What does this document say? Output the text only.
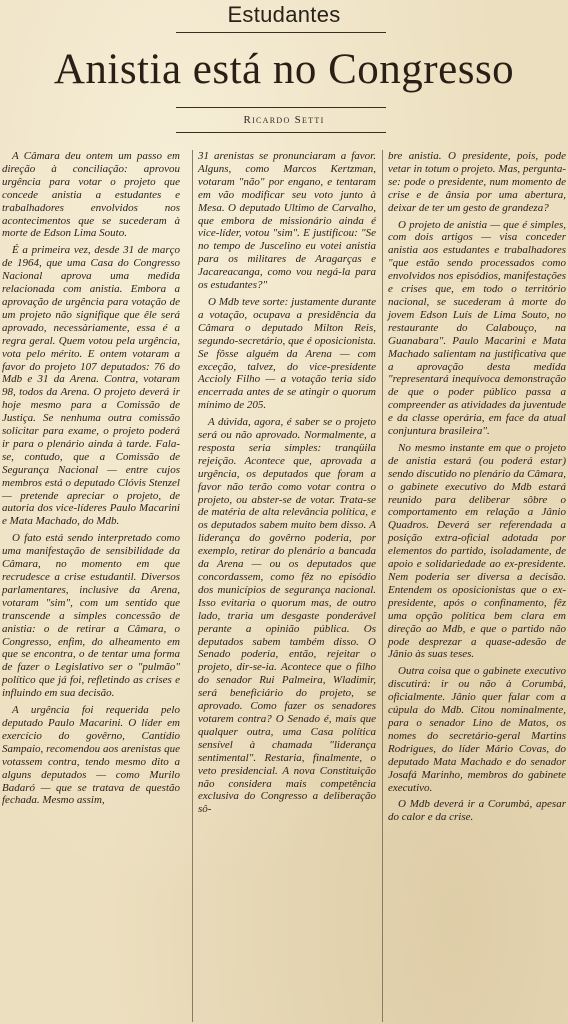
Estudantes
Anistia está no Congresso
Ricardo Setti

A Câmara deu ontem um passo em direção à conciliação: aprovou urgência para votar o projeto que concede anistia a estudantes e trabalhadores envolvidos nos acontecimentos que se sucederam à morte de Edson Lima Souto.

É a primeira vez, desde 31 de março de 1964, que uma Casa do Congresso Nacional aprova uma medida relacionada com anistia. Embora a aprovação de urgência para votação de um projeto não signifique que êle será aprovado, necessàriamente, essa é a regra geral. Quem votou pela urgência, vota pelo mérito. E ontem votaram a favor do projeto 107 deputados: 76 do Mdb e 31 da Arena. Contra, votaram 98, todos da Arena. O projeto deverá ir hoje mesmo para a Comissão de Justiça. Se nenhuma outra comissão solicitar para exame, o projeto poderá ir para o plenário ainda à tarde. Fala-se, contudo, que a Comissão de Segurança Nacional — entre cujos membros está o deputado Clóvis Stenzel — pretende apreciar o projeto, de autoria dos vice-líderes Paulo Macarini e Mata Machado, do Mdb.

O fato está sendo interpretado como uma manifestação de sensibilidade da Câmara, no momento em que recrudesce a crise estudantil. Diversos parlamentares, inclusive da Arena, votaram "sim", com um sentido que transcende a simples concessão de anistia: o de retirar a Câmara, o Congresso, enfim, do alheamento em que se encontra, o de tentar uma forma de fazer o Legislativo ser o "pulmão" político que já foi, refletindo as crises e influindo em sua decisão.

A urgência foi requerida pelo deputado Paulo Macarini. O líder em exercício do govêrno, Cantídio Sampaio, recomendou aos arenistas que votassem contra, tendo mesmo dito a alguns deputados — como Murilo Badaró — que se tratava de questão fechada. Mesmo assim,

31 arenistas se pronunciaram a favor. Alguns, como Marcos Kertzman, votaram "não" por engano, e tentaram em vão modificar seu voto junto à Mesa. O deputado Ultimo de Carvalho, que embora de missionário ainda é vice-líder, votou "sim". E justificou: "Se no tempo de Juscelino eu votei anistia para os militares de Aragarças e Jacareacanga, como vou negá-la para os estudantes?"

O Mdb teve sorte: justamente durante a votação, ocupava a presidência da Câmara o deputado Milton Reis, segundo-secretário, que é oposicionista. Se fôsse alguém da Arena — com exceção, talvez, do vice-presidente Accioly Filho — a votação teria sido encerrada antes de se atingir o quorum mínimo de 205.

A dúvida, agora, é saber se o projeto será ou não aprovado. Normalmente, a resposta seria simples: tranqüila rejeição. Acontece que, aprovada a urgência, os deputados que foram a favor não terão como votar contra o projeto, ou abster-se de votar. Trata-se de matéria de alta relevância política, e os deputados sabem muito bem disso. A liderança do govêrno poderia, por exemplo, retirar do plenário a bancada da Arena — ou os deputados que concordassem, como fêz no episódio dos municípios de segurança nacional. Isso evitaria o quorum mas, de outro lado, traria um desgaste ponderável perante a opinião pública. Os deputados sabem também disso. O Senado poderia, então, rejeitar o projeto, dir-se-ia. Acontece que o filho do senador Rui Palmeira, Wladimir, será beneficiário do projeto, se aprovado. Como fazer os senadores votarem contra? O Senado é, mais que qualquer outra, uma Casa política sensível à chamada "liderança sentimental". Restaria, finalmente, o veto presidencial. A nova Constituição não considera mais competência exclusiva do Congresso a deliberação sô-

bre anistia. O presidente, pois, pode vetar in totum o projeto. Mas, pergunta-se: pode o presidente, num momento de crise e de ânsia por uma abertura, deixar de ter um gesto de grandeza?

O projeto de anistia — que é simples, com dois artigos — visa conceder anistia aos estudantes e trabalhadores "que estão sendo processados como envolvidos nos episódios, manifestações e crises que, em todo o território nacional, se sucederam à morte do jovem Edson Luís de Lima Souto, no restaurante do Calabouço, na Guanabara". Paulo Macarini e Mata Machado salientam na justificativa que a aprovação desta medida "representará inequívoca demonstração de que o poder público passa a compreender as atividades da juventude e da classe operária, em face da atual conjuntura brasileira".

No mesmo instante em que o projeto de anistia estará (ou poderá estar) sendo discutido no plenário da Câmara, o gabinete executivo do Mdb estará reunido para deliberar sôbre o comportamento em relação a Jânio Quadros. Deverá ser referendada a posição extra-oficial adotada por elementos do partido, isoladamente, de apoio e solidariedade ao ex-presidente. Nem poderia ser diversa a decisão. Entendem os oposicionistas que o ex-presidente, após o confinamento, fêz uma opção política bem clara em direção ao Mdb, e que o partido não pode desprezar a quase-adesão de Jânio às suas teses.

Outra coisa que o gabinete executivo discutirá: ir ou não à Corumbá, oficialmente. Jânio quer falar com a cúpula do Mdb. Citou nominalmente, para o senador Lino de Matos, os nomes do secretário-geral Martins Rodrigues, do líder Mário Covas, do deputado Mata Machado e do senador Josafá Marinho, membros do gabinete executivo.

O Mdb deverá ir a Corumbá, apesar do calor e da crise.
